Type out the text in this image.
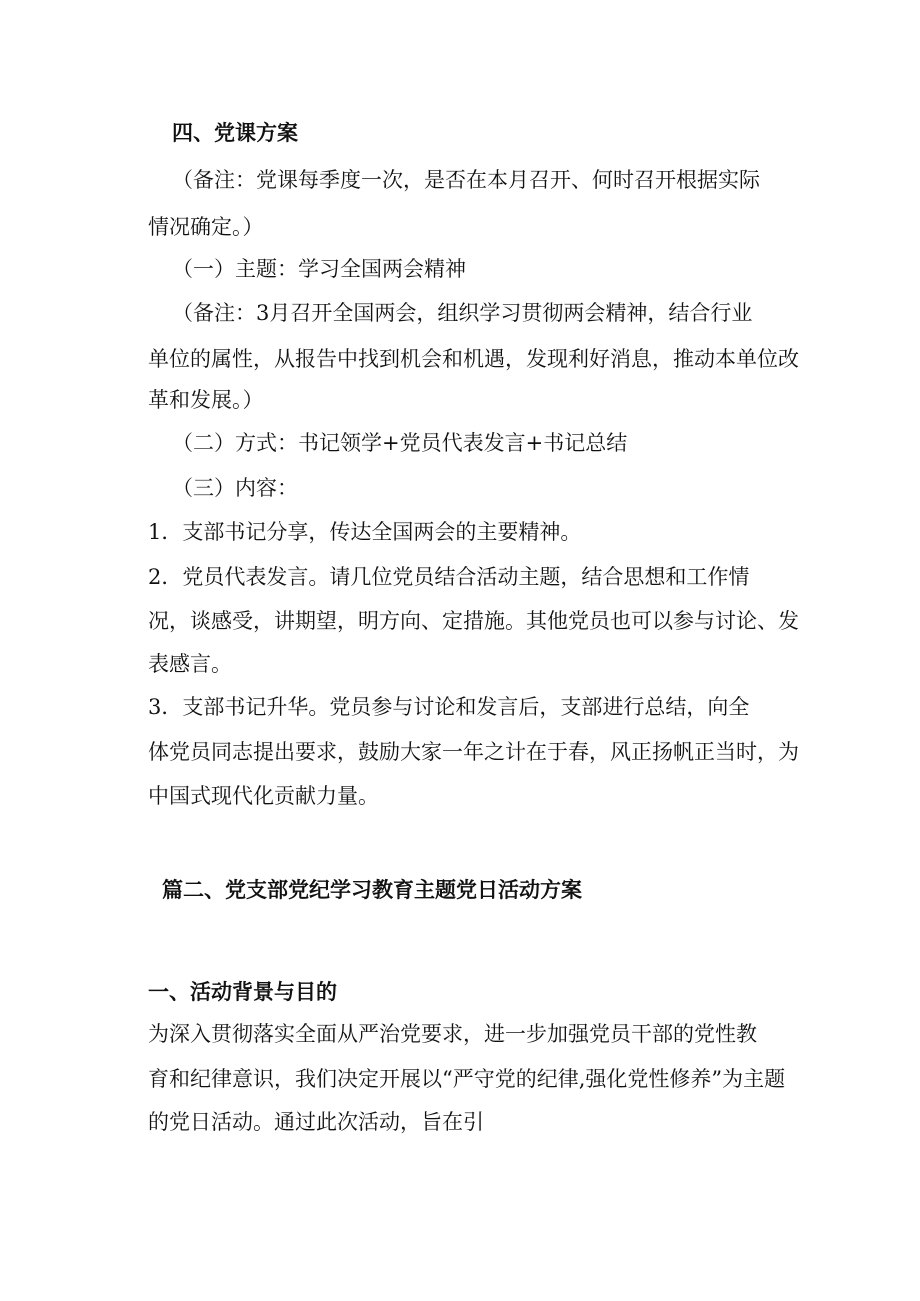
四、党课方案
（备注：党课每季度一次，是否在本月召开、何时召开根据实际
情况确定。）
（一）主题：学习全国两会精神
（备注：3月召开全国两会，组织学习贯彻两会精神，结合行业
单位的属性，从报告中找到机会和机遇，发现利好消息，推动本单位改
革和发展。）
（二）方式：书记领学+党员代表发言+书记总结
（三）内容：
1．支部书记分享，传达全国两会的主要精神。
2．党员代表发言。请几位党员结合活动主题，结合思想和工作情
况，谈感受，讲期望，明方向、定措施。其他党员也可以参与讨论、发
表感言。
3．支部书记升华。党员参与讨论和发言后，支部进行总结，向全
体党员同志提出要求，鼓励大家一年之计在于春，风正扬帆正当时，为
中国式现代化贡献力量。
篇二、党支部党纪学习教育主题党日活动方案
一、活动背景与目的
为深入贯彻落实全面从严治党要求，进一步加强党员干部的党性教
育和纪律意识，我们决定开展以“严守党的纪律,强化党性修养”为主题
的党日活动。通过此次活动，旨在引
